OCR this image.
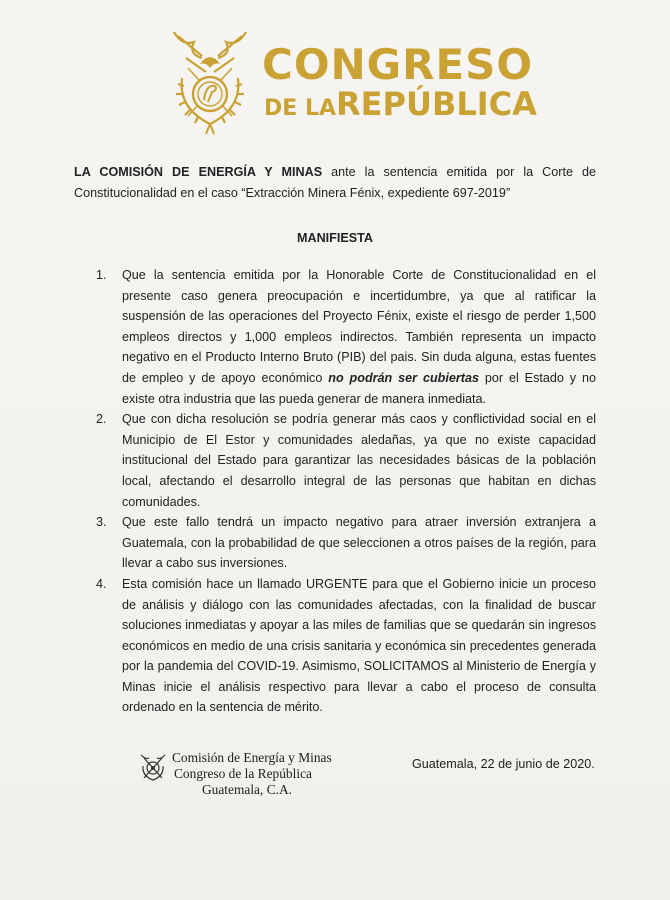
CONGRESO
DE LAREPÚBLICA
LA COMISIÓN DE ENERGÍA Y MINAS ante la sentencia emitida por la Corte de Constitucionalidad en el caso “Extracción Minera Fénix, expediente 697-2019”
MANIFIESTA
1. Que la sentencia emitida por la Honorable Corte de Constitucionalidad en el presente caso genera preocupación e incertidumbre, ya que al ratificar la suspensión de las operaciones del Proyecto Fénix, existe el riesgo de perder 1,500 empleos directos y 1,000 empleos indirectos. También representa un impacto negativo en el Producto Interno Bruto (PIB) del pais. Sin duda alguna, estas fuentes de empleo y de apoyo económico no podrán ser cubiertas por el Estado y no existe otra industria que las pueda generar de manera inmediata.
2. Que con dicha resolución se podría generar más caos y conflictividad social en el Municipio de El Estor y comunidades aledañas, ya que no existe capacidad institucional del Estado para garantizar las necesidades básicas de la población local, afectando el desarrollo integral de las personas que habitan en dichas comunidades.
3. Que este fallo tendrá un impacto negativo para atraer inversión extranjera a Guatemala, con la probabilidad de que seleccionen a otros países de la región, para llevar a cabo sus inversiones.
4. Esta comisión hace un llamado URGENTE para que el Gobierno inicie un proceso de análisis y diálogo con las comunidades afectadas, con la finalidad de buscar soluciones inmediatas y apoyar a las miles de familias que se quedarán sin ingresos económicos en medio de una crisis sanitaria y económica sin precedentes generada por la pandemia del COVID-19. Asimismo, SOLICITAMOS al Ministerio de Energía y Minas inicie el análisis respectivo para llevar a cabo el proceso de consulta ordenado en la sentencia de mérito.
Comisión de Energía y Minas
Congreso de la República
Guatemala, C.A.
Guatemala, 22 de junio de 2020.
